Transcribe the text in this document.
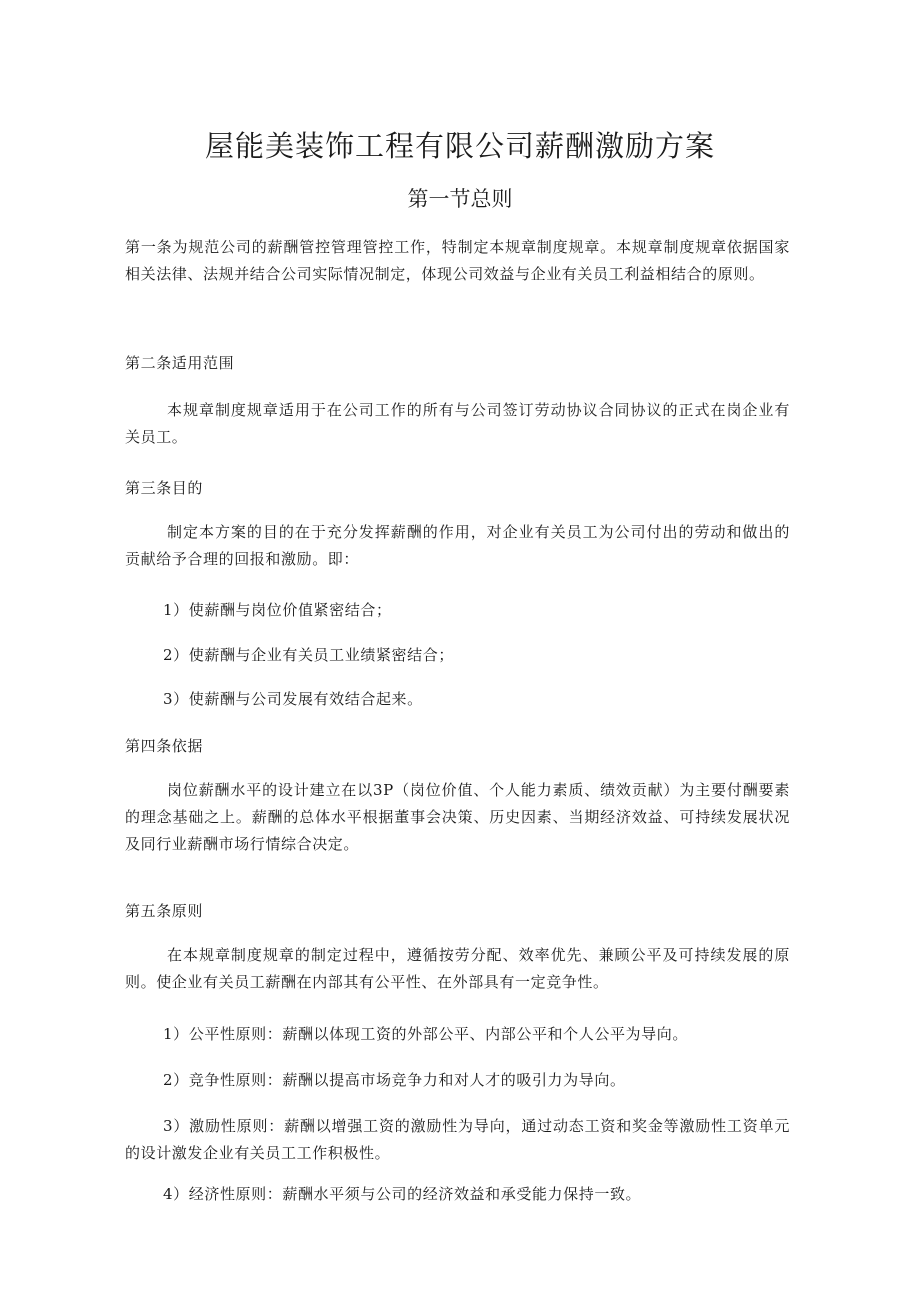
屋能美装饰工程有限公司薪酬激励方案
第一节总则

第一条为规范公司的薪酬管控管理管控工作，特制定本规章制度规章。本规章制度规章依据国家相关法律、法规并结合公司实际情况制定，体现公司效益与企业有关员工利益相结合的原则。

第二条适用范围

本规章制度规章适用于在公司工作的所有与公司签订劳动协议合同协议的正式在岗企业有关员工。

第三条目的

制定本方案的目的在于充分发挥薪酬的作用，对企业有关员工为公司付出的劳动和做出的贡献给予合理的回报和激励。即：

1）使薪酬与岗位价值紧密结合；

2）使薪酬与企业有关员工业绩紧密结合；

3）使薪酬与公司发展有效结合起来。

第四条依据

岗位薪酬水平的设计建立在以3P（岗位价值、个人能力素质、绩效贡献）为主要付酬要素的理念基础之上。薪酬的总体水平根据董事会决策、历史因素、当期经济效益、可持续发展状况及同行业薪酬市场行情综合决定。

第五条原则

在本规章制度规章的制定过程中，遵循按劳分配、效率优先、兼顾公平及可持续发展的原则。使企业有关员工薪酬在内部其有公平性、在外部具有一定竞争性。

1）公平性原则：薪酬以体现工资的外部公平、内部公平和个人公平为导向。

2）竞争性原则：薪酬以提高市场竞争力和对人才的吸引力为导向。

3）激励性原则：薪酬以增强工资的激励性为导向，通过动态工资和奖金等激励性工资单元的设计激发企业有关员工工作积极性。

4）经济性原则：薪酬水平须与公司的经济效益和承受能力保持一致。
